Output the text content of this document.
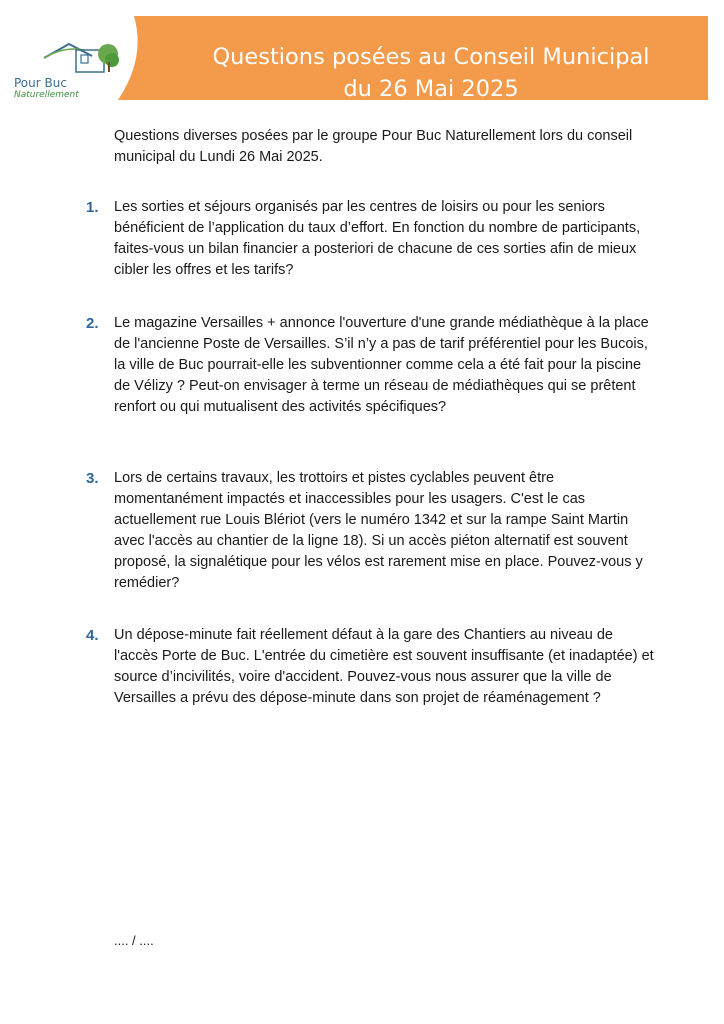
Pour Buc
Naturellement
Questions posées au Conseil Municipal
du 26 Mai 2025

Questions diverses posées par le groupe Pour Buc Naturellement lors du conseil municipal du Lundi 26 Mai 2025.

1. Les sorties et séjours organisés par les centres de loisirs ou pour les seniors bénéficient de l’application du taux d’effort. En fonction du nombre de participants, faites-vous un bilan financier a posteriori de chacune de ces sorties afin de mieux cibler les offres et les tarifs?

2. Le magazine Versailles + annonce l'ouverture d'une grande médiathèque à la place de l'ancienne Poste de Versailles. S’il n’y a pas de tarif préférentiel pour les Bucois, la ville de Buc pourrait-elle les subventionner comme cela a été fait pour la piscine de Vélizy ? Peut-on envisager à terme un réseau de médiathèques qui se prêtent renfort ou qui mutualisent des activités spécifiques?

3. Lors de certains travaux, les trottoirs et pistes cyclables peuvent être momentanément impactés et inaccessibles pour les usagers. C'est le cas actuellement rue Louis Blériot (vers le numéro 1342 et sur la rampe Saint Martin avec l'accès au chantier de la ligne 18). Si un accès piéton alternatif est souvent proposé, la signalétique pour les vélos est rarement mise en place. Pouvez-vous y remédier?

4. Un dépose-minute fait réellement défaut à la gare des Chantiers au niveau de l'accès Porte de Buc. L'entrée du cimetière est souvent insuffisante (et inadaptée) et source d’incivilités, voire d'accident. Pouvez-vous nous assurer que la ville de Versailles a prévu des dépose-minute dans son projet de réaménagement ?

.... / ....
